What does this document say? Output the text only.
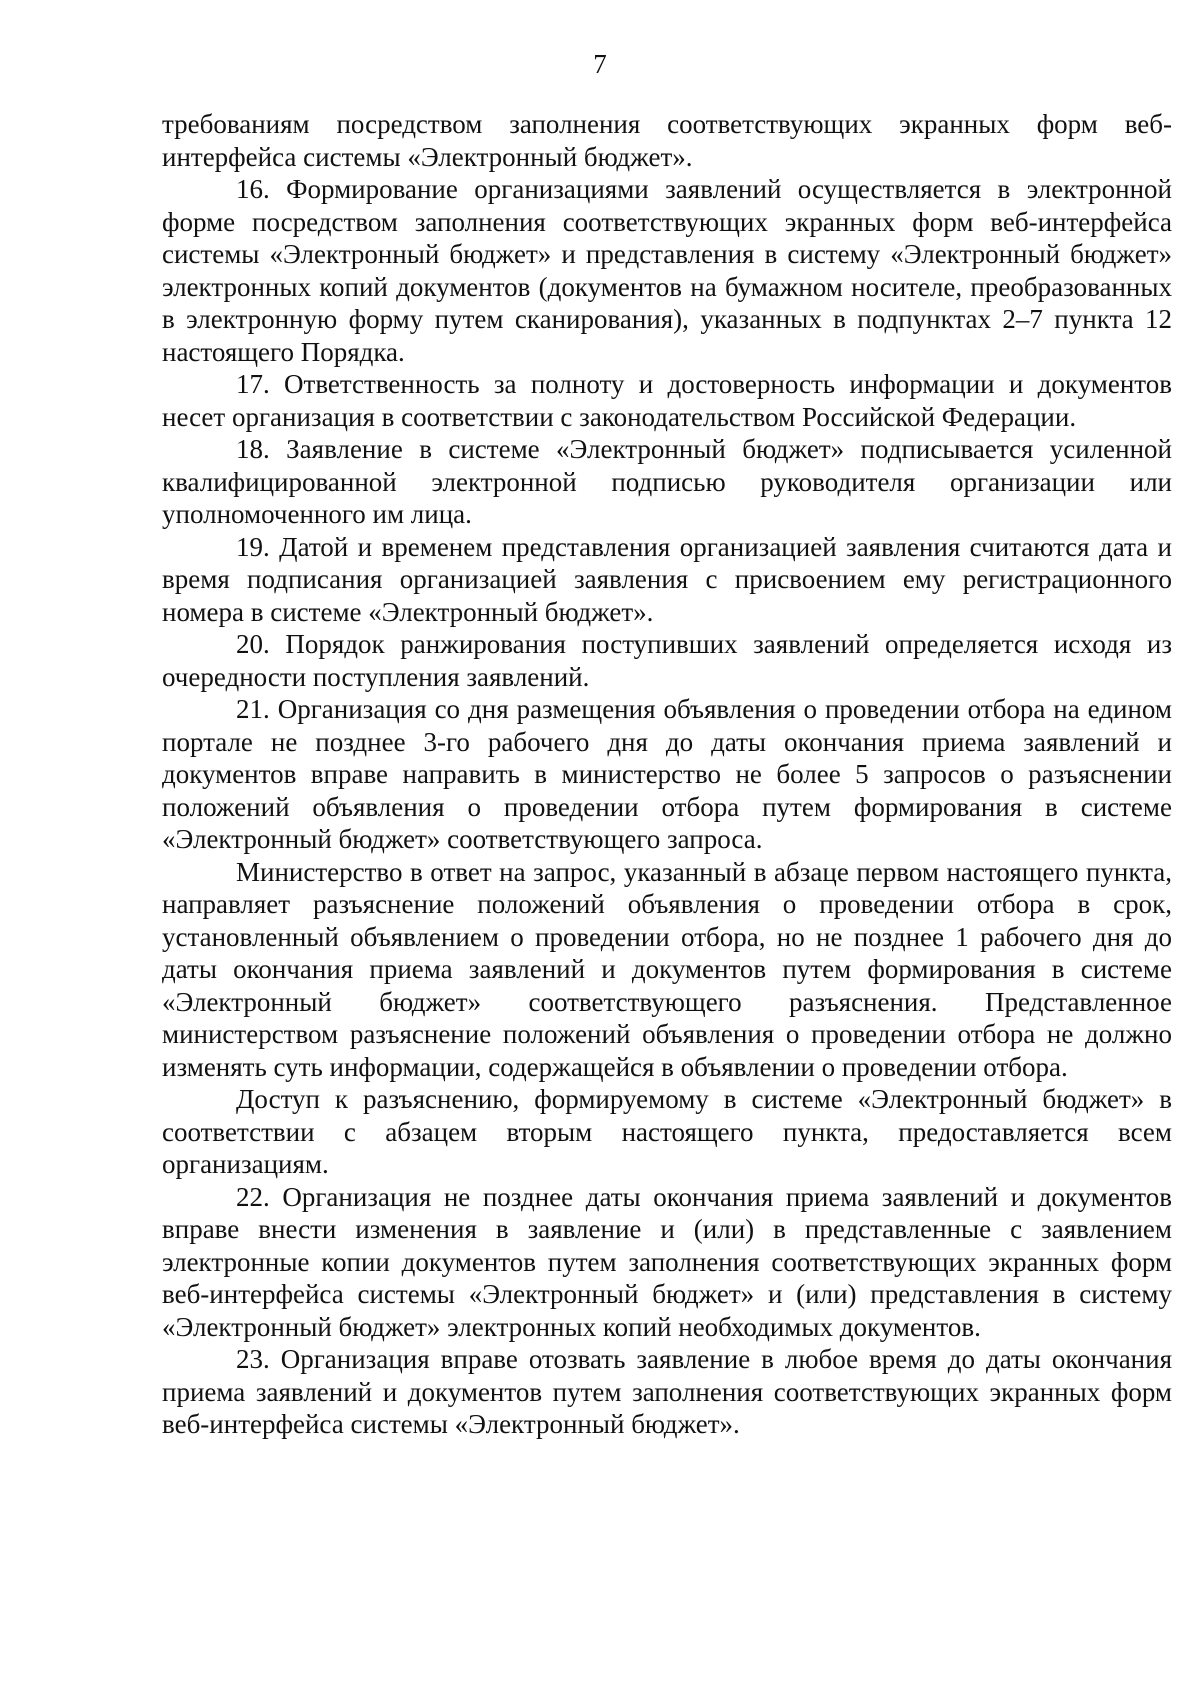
7

требованиям посредством заполнения соответствующих экранных форм веб-интерфейса системы «Электронный бюджет».

16. Формирование организациями заявлений осуществляется в электронной форме посредством заполнения соответствующих экранных форм веб-интерфейса системы «Электронный бюджет» и представления в систему «Электронный бюджет» электронных копий документов (документов на бумажном носителе, преобразованных в электронную форму путем сканирования), указанных в подпунктах 2–7 пункта 12 настоящего Порядка.

17. Ответственность за полноту и достоверность информации и документов несет организация в соответствии с законодательством Российской Федерации.

18. Заявление в системе «Электронный бюджет» подписывается усиленной квалифицированной электронной подписью руководителя организации или уполномоченного им лица.

19. Датой и временем представления организацией заявления считаются дата и время подписания организацией заявления с присвоением ему регистрационного номера в системе «Электронный бюджет».

20. Порядок ранжирования поступивших заявлений определяется исходя из очередности поступления заявлений.

21. Организация со дня размещения объявления о проведении отбора на едином портале не позднее 3-го рабочего дня до даты окончания приема заявлений и документов вправе направить в министерство не более 5 запросов о разъяснении положений объявления о проведении отбора путем формирования в системе «Электронный бюджет» соответствующего запроса.

Министерство в ответ на запрос, указанный в абзаце первом настоящего пункта, направляет разъяснение положений объявления о проведении отбора в срок, установленный объявлением о проведении отбора, но не позднее 1 рабочего дня до даты окончания приема заявлений и документов путем формирования в системе «Электронный бюджет» соответствующего разъяснения. Представленное министерством разъяснение положений объявления о проведении отбора не должно изменять суть информации, содержащейся в объявлении о проведении отбора.

Доступ к разъяснению, формируемому в системе «Электронный бюджет» в соответствии с абзацем вторым настоящего пункта, предоставляется всем организациям.

22. Организация не позднее даты окончания приема заявлений и документов вправе внести изменения в заявление и (или) в представленные с заявлением электронные копии документов путем заполнения соответствующих экранных форм веб-интерфейса системы «Электронный бюджет» и (или) представления в систему «Электронный бюджет» электронных копий необходимых документов.

23. Организация вправе отозвать заявление в любое время до даты окончания приема заявлений и документов путем заполнения соответствующих экранных форм веб-интерфейса системы «Электронный бюджет».
